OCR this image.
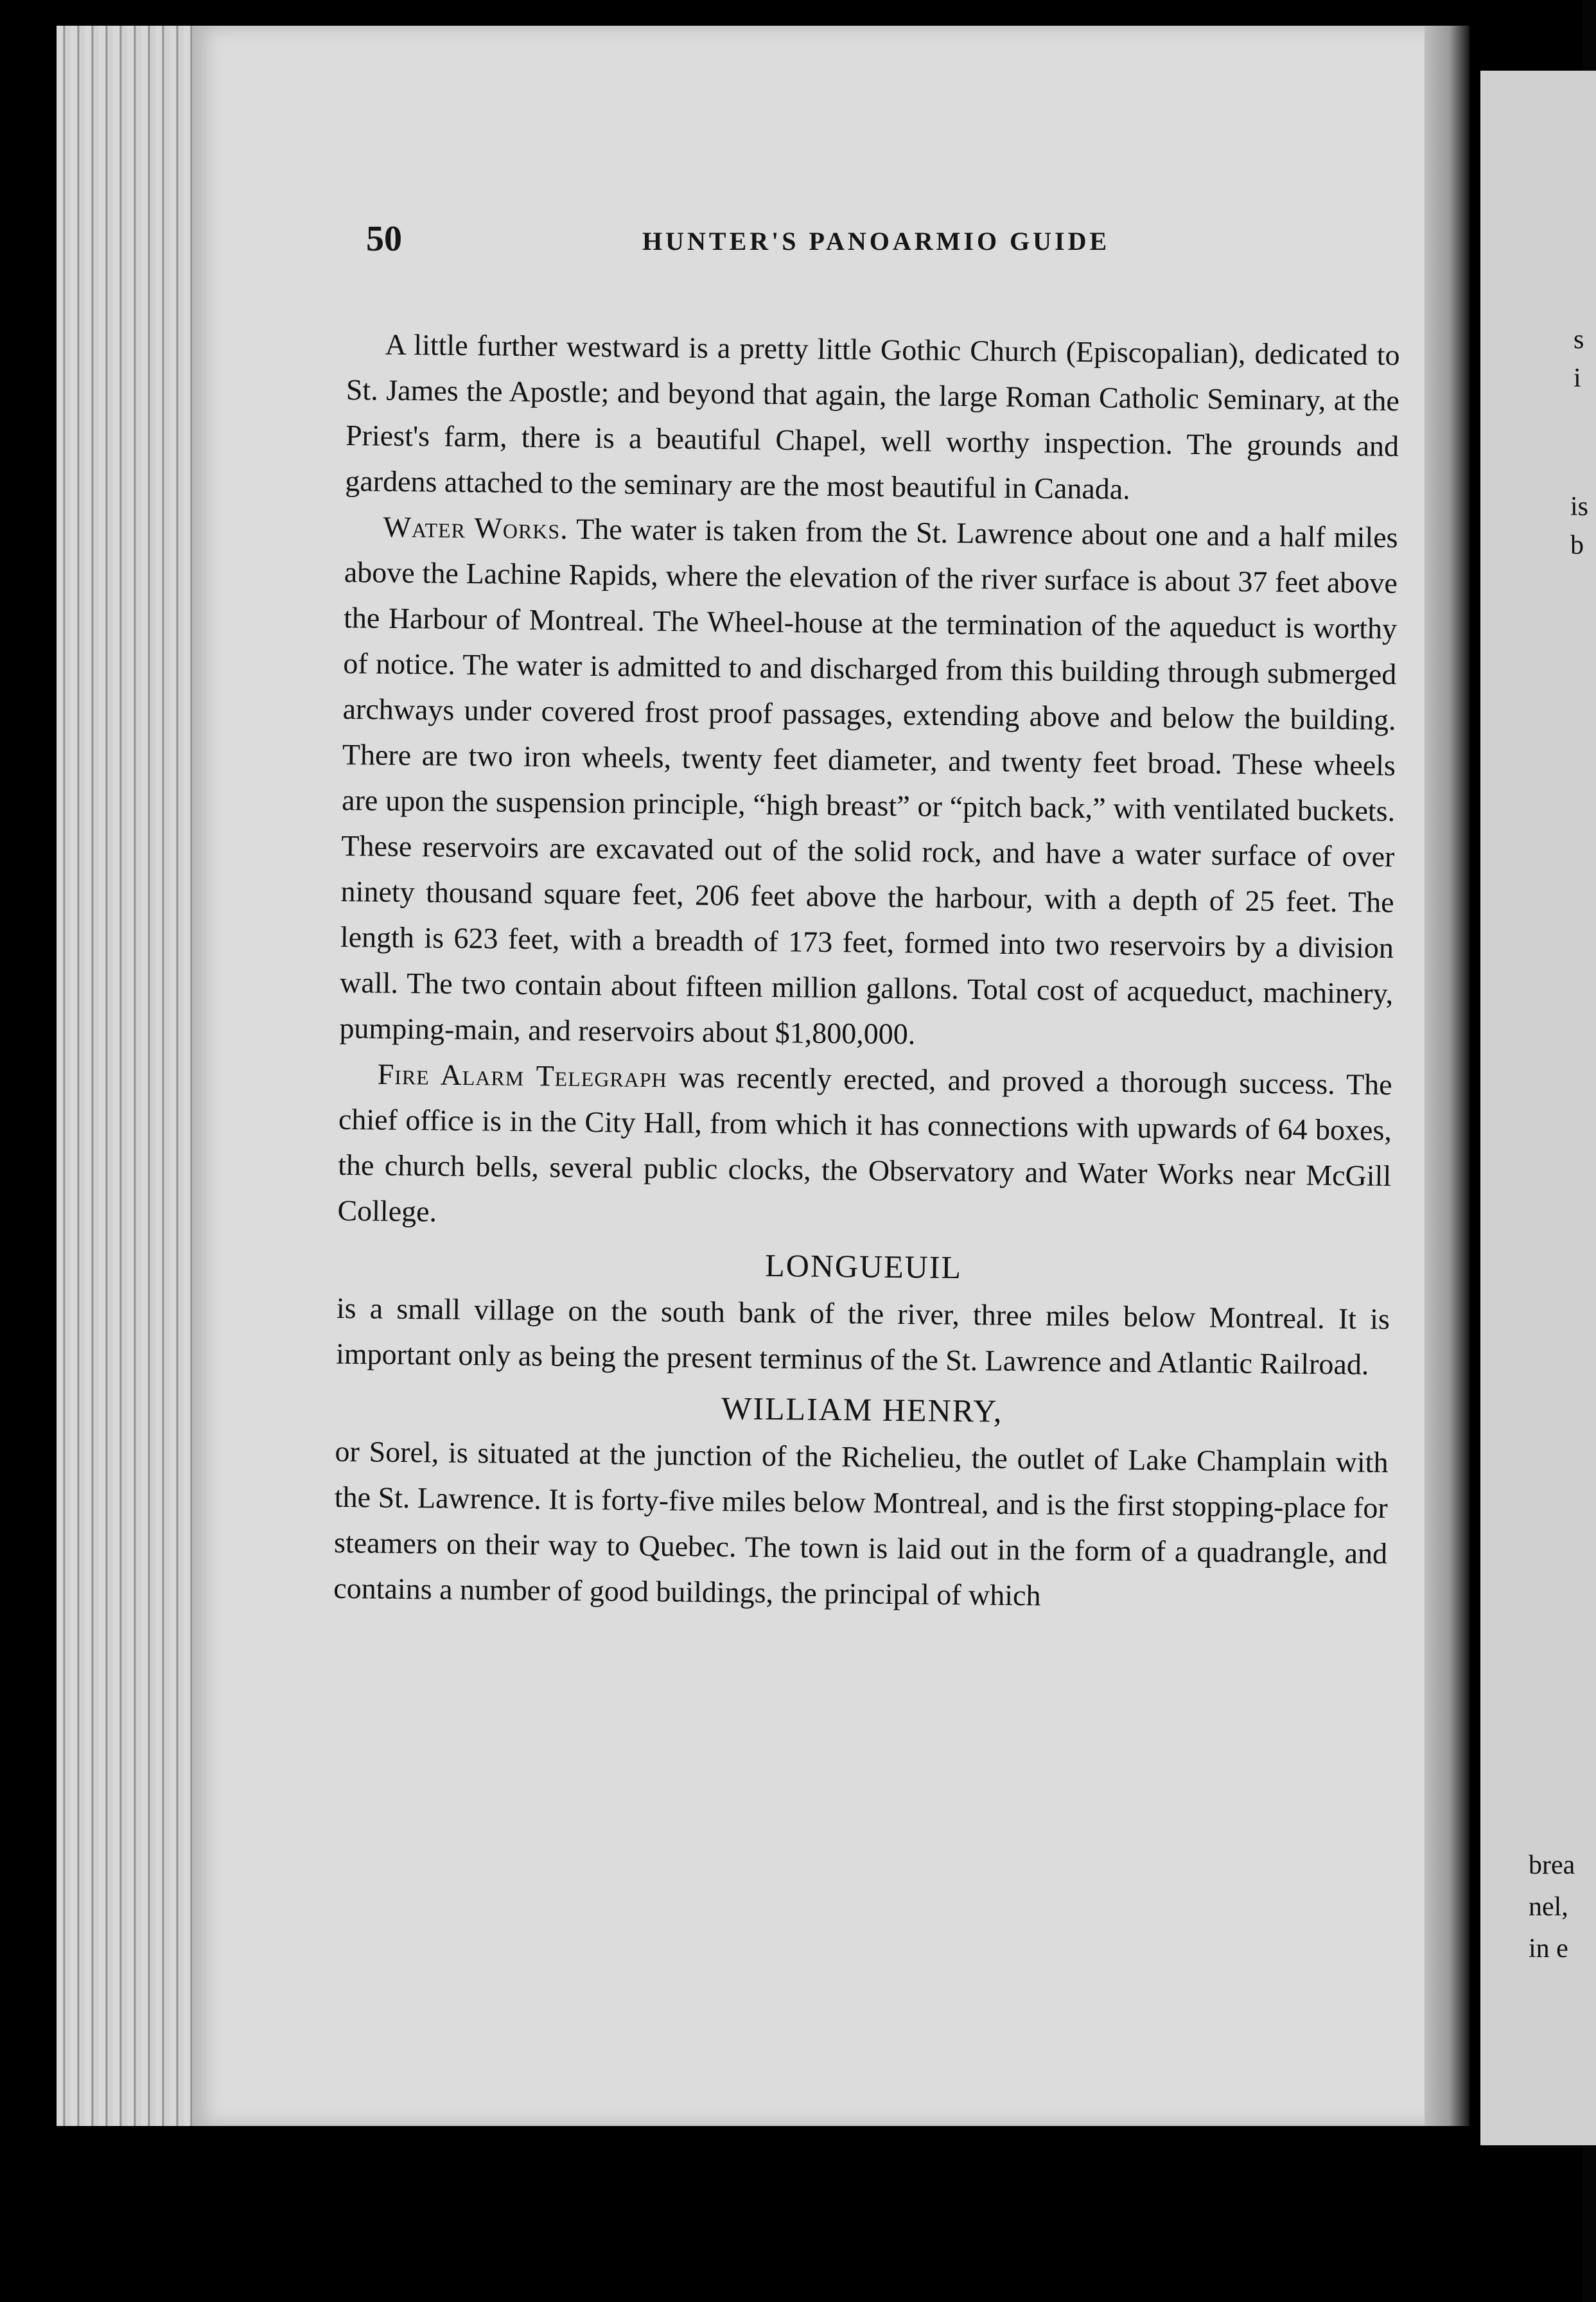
s
i
is
b
brea
nel,
in e
50	HUNTER'S PANOARMIO GUIDE

A little further westward is a pretty little Gothic Church (Episcopalian), dedicated to St. James the Apostle; and beyond that again, the large Roman Catholic Seminary, at the Priest's farm, there is a beautiful Chapel, well worthy inspection. The grounds and gardens attached to the seminary are the most beautiful in Canada.

Water Works. The water is taken from the St. Lawrence about one and a half miles above the Lachine Rapids, where the elevation of the river surface is about 37 feet above the Harbour of Montreal. The Wheel-house at the termination of the aqueduct is worthy of notice. The water is admitted to and discharged from this building through submerged archways under covered frost proof passages, extending above and below the building. There are two iron wheels, twenty feet diameter, and twenty feet broad. These wheels are upon the suspension principle, “high breast” or “pitch back,” with ventilated buckets. These reservoirs are excavated out of the solid rock, and have a water surface of over ninety thousand square feet, 206 feet above the harbour, with a depth of 25 feet. The length is 623 feet, with a breadth of 173 feet, formed into two reservoirs by a division wall. The two contain about fifteen million gallons. Total cost of acqueduct, machinery, pumping-main, and reservoirs about $1,800,000.

Fire Alarm Telegraph was recently erected, and proved a thorough success. The chief office is in the City Hall, from which it has connections with upwards of 64 boxes, the church bells, several public clocks, the Observatory and Water Works near McGill College.

LONGUEUIL

is a small village on the south bank of the river, three miles below Montreal. It is important only as being the present terminus of the St. Lawrence and Atlantic Railroad.

WILLIAM HENRY,

or Sorel, is situated at the junction of the Richelieu, the outlet of Lake Champlain with the St. Lawrence. It is forty-five miles below Montreal, and is the first stopping-place for steamers on their way to Quebec. The town is laid out in the form of a quadrangle, and contains a number of good buildings, the principal of which
